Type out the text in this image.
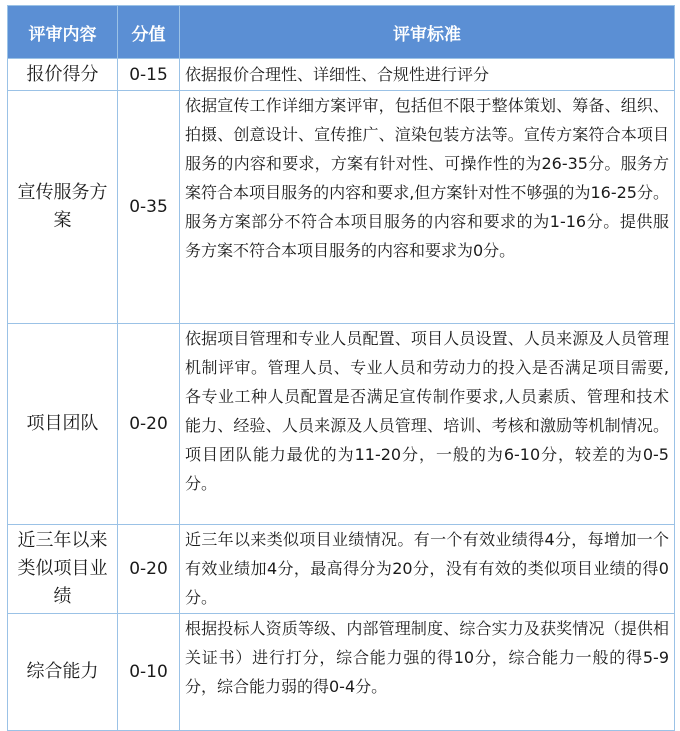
评审内容	分值	评审标准
报价得分	0-15	依据报价合理性、详细性、合规性进行评分
宣传服务方案	0-35	依据宣传工作详细方案评审，包括但不限于整体策划、筹备、组织、拍摄、创意设计、宣传推广、渲染包装方法等。宣传方案符合本项目服务的内容和要求，方案有针对性、可操作性的为26-35分。服务方案符合本项目服务的内容和要求,但方案针对性不够强的为16-25分。服务方案部分不符合本项目服务的内容和要求的为1-16分。提供服务方案不符合本项目服务的内容和要求为0分。
项目团队	0-20	依据项目管理和专业人员配置、项目人员设置、人员来源及人员管理机制评审。管理人员、专业人员和劳动力的投入是否满足项目需要,各专业工种人员配置是否满足宣传制作要求,人员素质、管理和技术能力、经验、人员来源及人员管理、培训、考核和激励等机制情况。项目团队能力最优的为11-20分，一般的为6-10分，较差的为0-5分。
近三年以来类似项目业绩	0-20	近三年以来类似项目业绩情况。有一个有效业绩得4分，每增加一个有效业绩加4分，最高得分为20分，没有有效的类似项目业绩的得0分。
综合能力	0-10	根据投标人资质等级、内部管理制度、综合实力及获奖情况（提供相关证书）进行打分，综合能力强的得10分，综合能力一般的得5-9分，综合能力弱的得0-4分。
